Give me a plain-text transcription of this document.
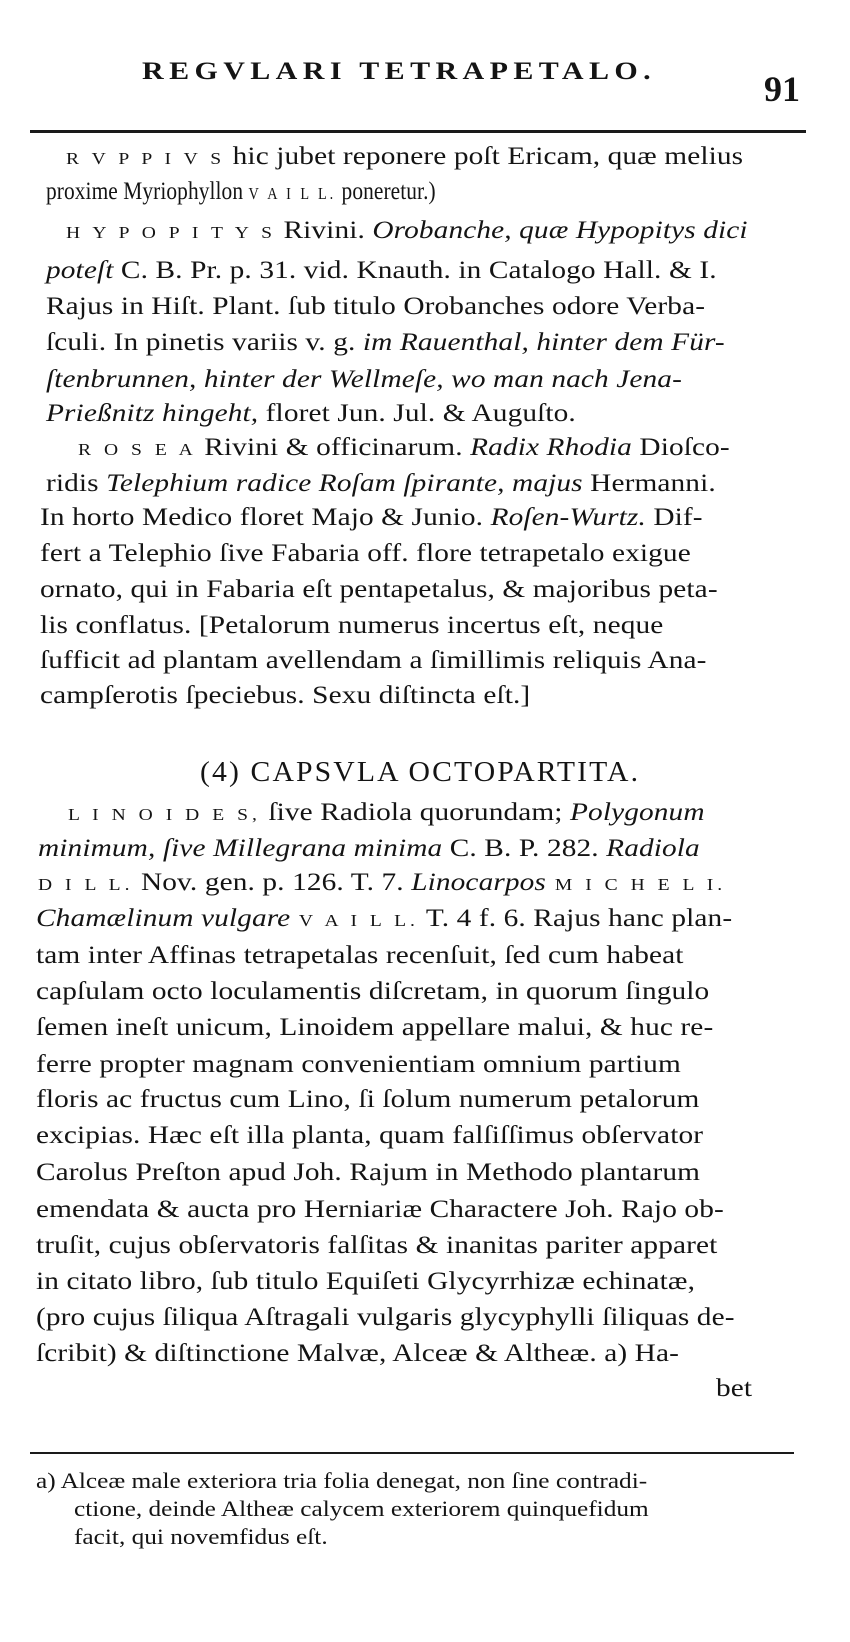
REGVLARI TETRAPETALO.	91
R V P P I V S hic jubet reponere poſt Ericam, quæ melius
proxime Myriophyllon V A I L L. poneretur.)
H Y P O P I T Y S Rivini. Orobanche, quæ Hypopitys dici
poteſt C. B. Pr. p. 31. vid. Knauth. in Catalogo Hall. & I.
Rajus in Hiſt. Plant. ſub titulo Orobanches odore Verba-
ſculi. In pinetis variis v. g. im Rauenthal, hinter dem Für-
ſtenbrunnen, hinter der Wellmeſe, wo man nach Jena-
Prießnitz hingeht, floret Jun. Jul. & Auguſto.
R O S E A Rivini & officinarum. Radix Rhodia Dioſco-
ridis Telephium radice Roſam ſpirante, majus Hermanni.
In horto Medico floret Majo & Junio. Roſen-Wurtz. Dif-
fert a Telephio ſive Fabaria off. flore tetrapetalo exigue
ornato, qui in Fabaria eſt pentapetalus, & majoribus peta-
lis conflatus. [Petalorum numerus incertus eſt, neque
ſufficit ad plantam avellendam a ſimillimis reliquis Ana-
campſerotis ſpeciebus. Sexu diſtincta eſt.]
(4) CAPSVLA OCTOPARTITA.
L I N O I D E S, ſive Radiola quorundam; Polygonum
minimum, ſive Millegrana minima C. B. P. 282. Radiola
D I L L. Nov. gen. p. 126. T. 7. Linocarpos M I C H E L I.
Chamælinum vulgare V A I L L. T. 4 f. 6. Rajus hanc plan-
tam inter Affinas tetrapetalas recenſuit, ſed cum habeat
capſulam octo loculamentis diſcretam, in quorum ſingulo
ſemen ineſt unicum, Linoidem appellare malui, & huc re-
ferre propter magnam convenientiam omnium partium
floris ac fructus cum Lino, ſi ſolum numerum petalorum
excipias. Hæc eſt illa planta, quam falſiſſimus obſervator
Carolus Preſton apud Joh. Rajum in Methodo plantarum
emendata & aucta pro Herniariæ Charactere Joh. Rajo ob-
truſit, cujus obſervatoris falſitas & inanitas pariter apparet
in citato libro, ſub titulo Equiſeti Glycyrrhizæ echinatæ,
(pro cujus ſiliqua Aſtragali vulgaris glycyphylli ſiliquas de-
ſcribit) & diſtinctione Malvæ, Alceæ & Altheæ. a) Ha-
bet
a) Alceæ male exteriora tria folia denegat, non ſine contradi-
ctione, deinde Altheæ calycem exteriorem quinquefidum
facit, qui novemfidus eſt.
